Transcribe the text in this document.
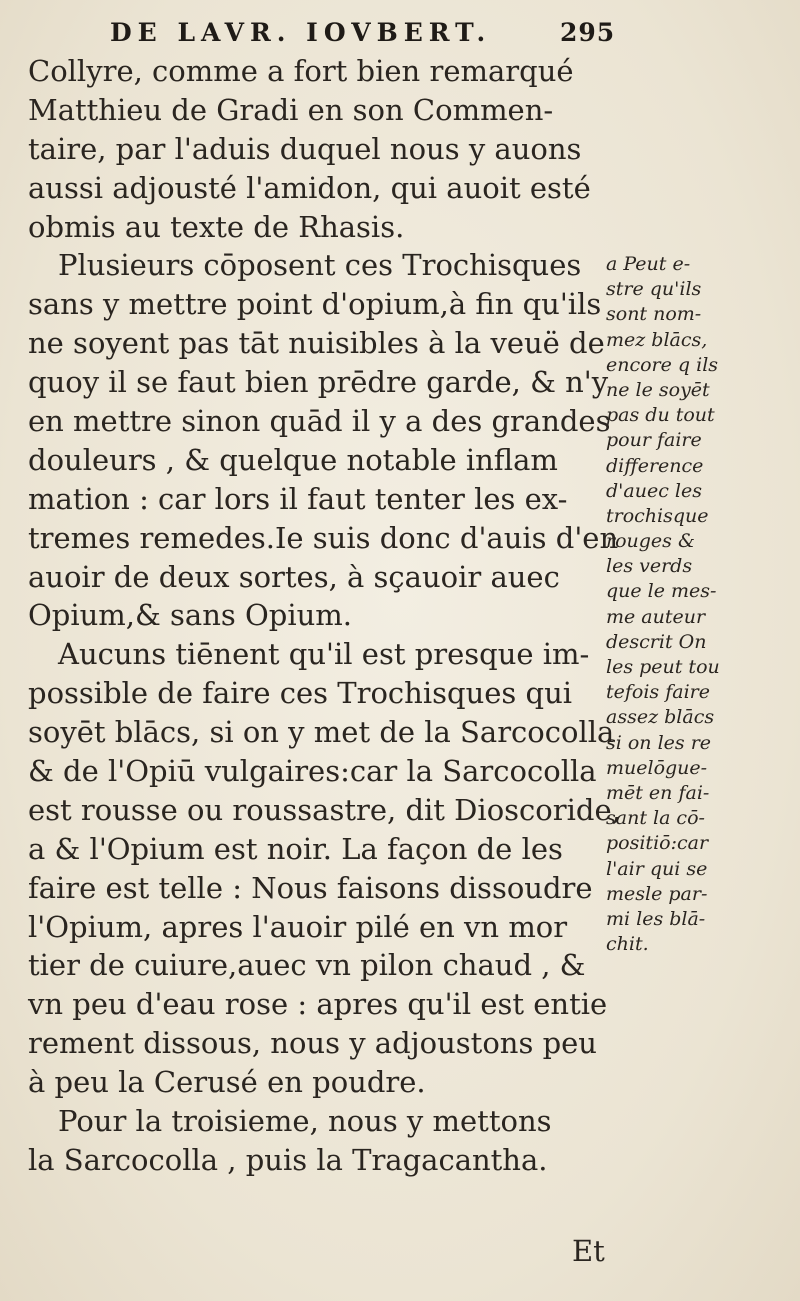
DE LAVR. IOVBERT.	295
Collyre, comme a fort bien remarqué
Matthieu de Gradi en son Commen-
taire, par l'aduis duquel nous y auons
aussi adjousté l'amidon, qui auoit esté
obmis au texte de Rhasis.
Plusieurs cōposent ces Trochisques
sans y mettre point d'opium,à fin qu'ils
ne soyent pas tāt nuisibles à la veuë de
quoy il se faut bien prēdre garde, & n'y
en mettre sinon quād il y a des grandes
douleurs , & quelque notable inflam
mation : car lors il faut tenter les ex-
tremes remedes.Ie suis donc d'auis d'en
auoir de deux sortes, à sçauoir auec
Opium,& sans Opium.
Aucuns tiēnent qu'il est presque im-
possible de faire ces Trochisques qui
soyēt blācs, si on y met de la Sarcocolla
& de l'Opiū vulgaires:car la Sarcocolla
est rousse ou roussastre, dit Dioscoride,
a & l'Opium est noir. La façon de les
faire est telle : Nous faisons dissoudre
l'Opium, apres l'auoir pilé en vn mor
tier de cuiure,auec vn pilon chaud , &
vn peu d'eau rose : apres qu'il est entie
rement dissous, nous y adjoustons peu
à peu la Cerusé en poudre.
Pour la troisieme, nous y mettons
la Sarcocolla , puis la Tragacantha.
a Peut e-
stre qu'ils
sont nom-
mez blācs,
encore q ils
ne le soyēt
pas du tout
pour faire
difference
d'auec les
trochisque
rouges &
les verds
que le mes-
me auteur
descrit On
les peut tou
tefois faire
assez blācs
si on les re
muelōgue-
mēt en fai-
sant la cō-
positiō:car
l'air qui se
mesle par-
mi les blā-
chit.
Et
